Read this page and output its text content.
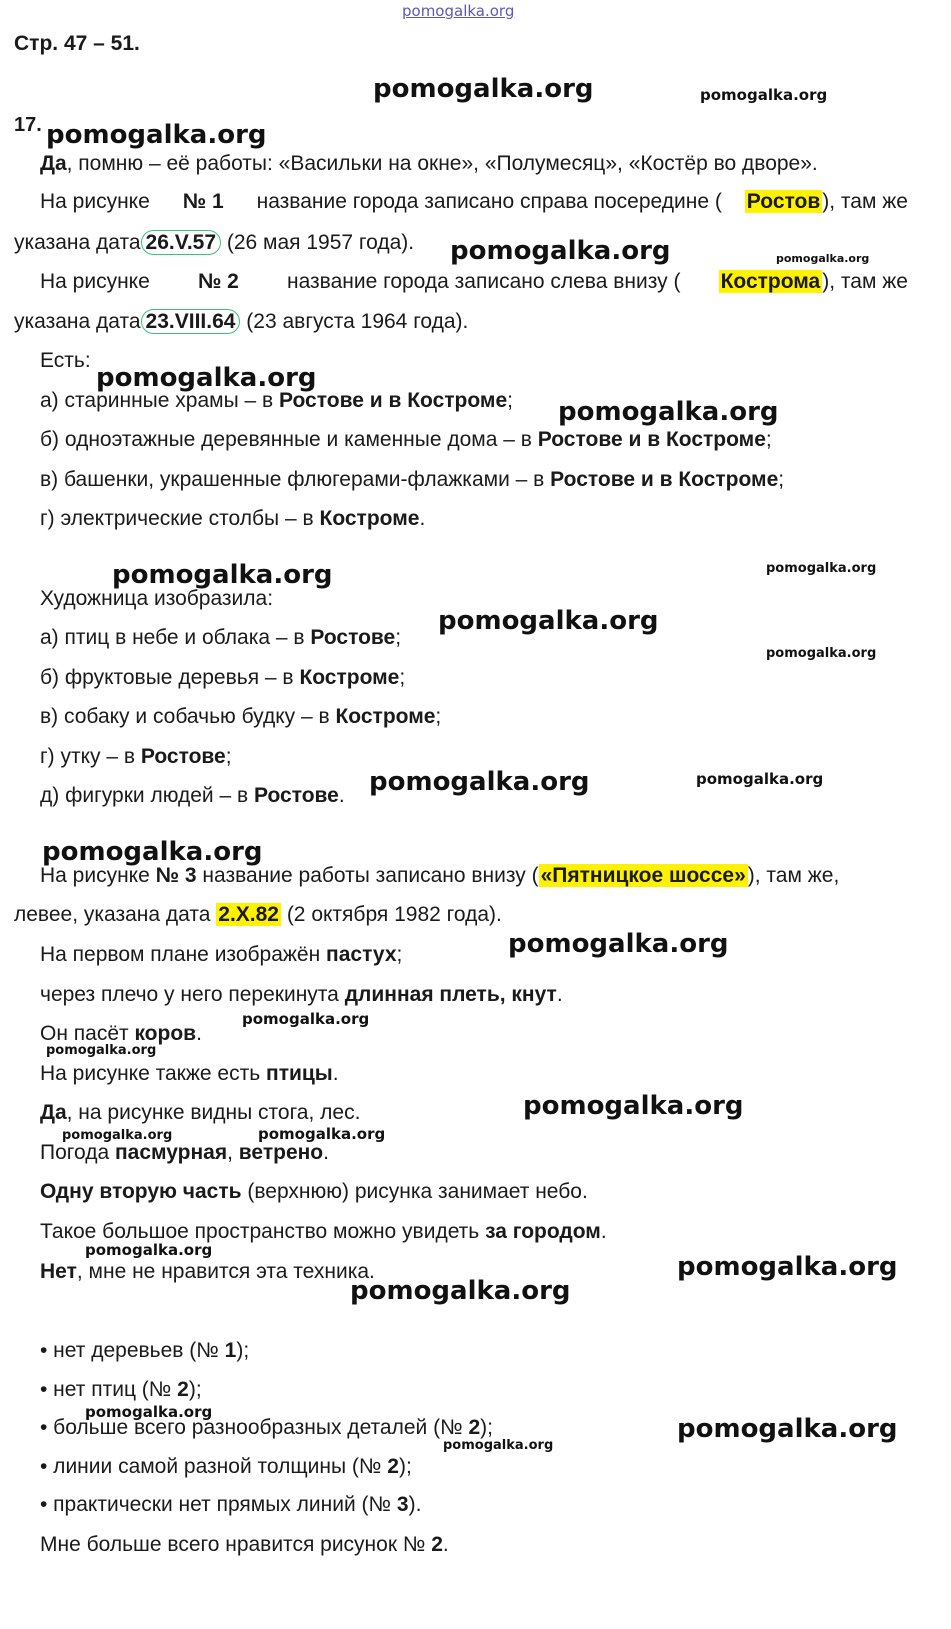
pomogalka.org
pomogalka.org	pomogalka.org
pomogalka.org
pomogalka.org	pomogalka.org
pomogalka.org
pomogalka.org
pomogalka.org	pomogalka.org
pomogalka.org
pomogalka.org
pomogalka.org	pomogalka.org
pomogalka.org
pomogalka.org
pomogalka.org
pomogalka.org
pomogalka.org
pomogalka.org	pomogalka.org
pomogalka.org
pomogalka.org
pomogalka.org
pomogalka.org
pomogalka.org
pomogalka.org
Стр. 47 – 51.
17.
Да, помню – её работы: «Васильки на окне», «Полумесяц», «Костёр во дворе».
На рисунке № 1 название города записано справа посередине ( Ростов), там же
указана дата 26.V.57 (26 мая 1957 года).
На рисунке № 2 название города записано слева внизу ( Кострома), там же
указана дата 23.VIII.64 (23 августа 1964 года).
Есть:
а) старинные храмы – в Ростове и в Костроме;
б) одноэтажные деревянные и каменные дома – в Ростове и в Костроме;
в) башенки, украшенные флюгерами-флажками – в Ростове и в Костроме;
г) электрические столбы – в Костроме.
Художница изобразила:
а) птиц в небе и облака – в Ростове;
б) фруктовые деревья – в Костроме;
в) собаку и собачью будку – в Костроме;
г) утку – в Ростове;
д) фигурки людей – в Ростове.
На рисунке № 3 название работы записано внизу («Пятницкое шоссе»), там же,
левее, указана дата 2.X.82 (2 октября 1982 года).
На первом плане изображён пастух;
через плечо у него перекинута длинная плеть, кнут.
Он пасёт коров.
На рисунке также есть птицы.
Да, на рисунке видны стога, лес.
Погода пасмурная, ветрено.
Одну вторую часть (верхнюю) рисунка занимает небо.
Такое большое пространство можно увидеть за городом.
Нет, мне не нравится эта техника.
• нет деревьев (№ 1);
• нет птиц (№ 2);
• больше всего разнообразных деталей (№ 2);
• линии самой разной толщины (№ 2);
• практически нет прямых линий (№ 3).
Мне больше всего нравится рисунок № 2.
